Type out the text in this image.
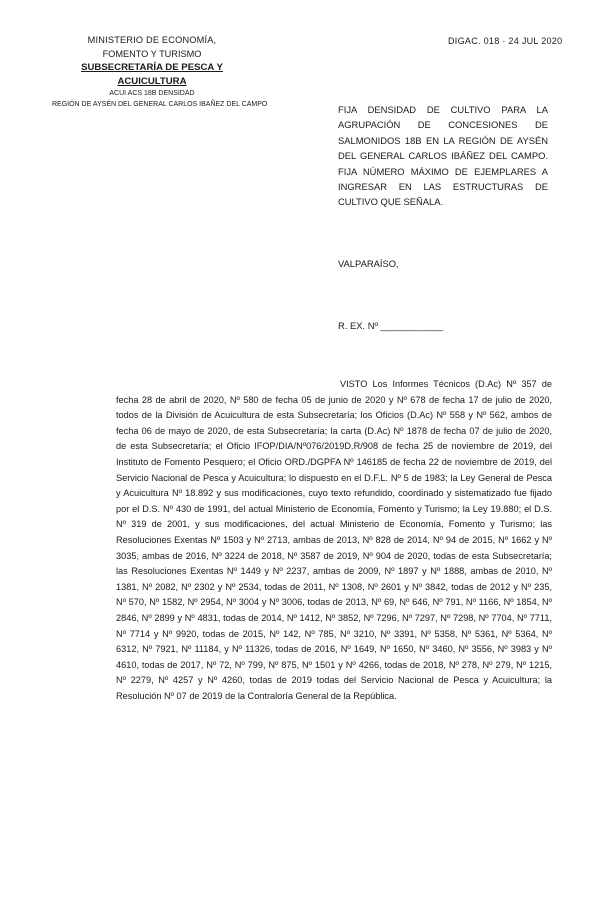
MINISTERIO DE ECONOMÍA,
FOMENTO Y TURISMO
SUBSECRETARÍA DE PESCA Y ACUICULTURA
ACUI ACS 18B DENSIDAD
REGIÓN DE AYSÉN DEL GENERAL CARLOS IBAÑEZ DEL CAMPO
DIGAC. 018 · 24 JUL 2020
FIJA DENSIDAD DE CULTIVO PARA LA AGRUPACIÓN DE CONCESIONES DE SALMONIDOS 18B EN LA REGIÓN DE AYSÉN DEL GENERAL CARLOS IBÁÑEZ DEL CAMPO. FIJA NÚMERO MÁXIMO DE EJEMPLARES A INGRESAR EN LAS ESTRUCTURAS DE CULTIVO QUE SEÑALA.
VALPARAÍSO,
R. EX. Nº ____________
VISTO Los Informes Técnicos (D.Ac) Nº 357 de fecha 28 de abril de 2020, Nº 580 de fecha 05 de junio de 2020 y Nº 678 de fecha 17 de julio de 2020, todos de la División de Acuicultura de esta Subsecretaría; los Oficios (D.Ac) Nº 558 y Nº 562, ambos de fecha 06 de mayo de 2020, de esta Subsecretaría; la carta (D.Ac) Nº 1878 de fecha 07 de julio de 2020, de esta Subsecretaría; el Oficio IFOP/DIA/Nº076/2019D.R/908 de fecha 25 de noviembre de 2019, del Instituto de Fomento Pesquero; el Oficio ORD./DGPFA Nº 146185 de fecha 22 de noviembre de 2019, del Servicio Nacional de Pesca y Acuicultura; lo dispuesto en el D.F.L. Nº 5 de 1983; la Ley General de Pesca y Acuicultura Nº 18.892 y sus modificaciones, cuyo texto refundido, coordinado y sistematizado fue fijado por el D.S. Nº 430 de 1991, del actual Ministerio de Economía, Fomento y Turismo; la Ley 19.880; el D.S. Nº 319 de 2001, y sus modificaciones, del actual Ministerio de Economía, Fomento y Turismo; las Resoluciones Exentas Nº 1503 y Nº 2713, ambas de 2013, Nº 828 de 2014, Nº 94 de 2015, Nº 1662 y Nº 3035, ambas de 2016, Nº 3224 de 2018, Nº 3587 de 2019, Nº 904 de 2020, todas de esta Subsecretaría; las Resoluciones Exentas Nº 1449 y Nº 2237, ambas de 2009, Nº 1897 y Nº 1888, ambas de 2010, Nº 1381, Nº 2082, Nº 2302 y Nº 2534, todas de 2011, Nº 1308, Nº 2601 y Nº 3842, todas de 2012 y Nº 235, Nº 570, Nº 1582, Nº 2954, Nº 3004 y Nº 3006, todas de 2013, Nº 69, Nº 646, Nº 791, Nº 1166, Nº 1854, Nº 2846, Nº 2899 y Nº 4831, todas de 2014, Nº 1412, Nº 3852, Nº 7296, Nº 7297, Nº 7298, Nº 7704, Nº 7711, Nº 7714 y Nº 9920, todas de 2015, Nº 142, Nº 785, Nº 3210, Nº 3391, Nº 5358, Nº 5361, Nº 5364, Nº 6312, Nº 7921, Nº 11184, y Nº 11326, todas de 2016, Nº 1649, Nº 1650, Nº 3460, Nº 3556, Nº 3983 y Nº 4610, todas de 2017, Nº 72, Nº 799, Nº 875, Nº 1501 y Nº 4266, todas de 2018, Nº 278, Nº 279, Nº 1215, Nº 2279, Nº 4257 y Nº 4260, todas de 2019 todas del Servicio Nacional de Pesca y Acuicultura; la Resolución Nº 07 de 2019 de la Contraloría General de la República.
